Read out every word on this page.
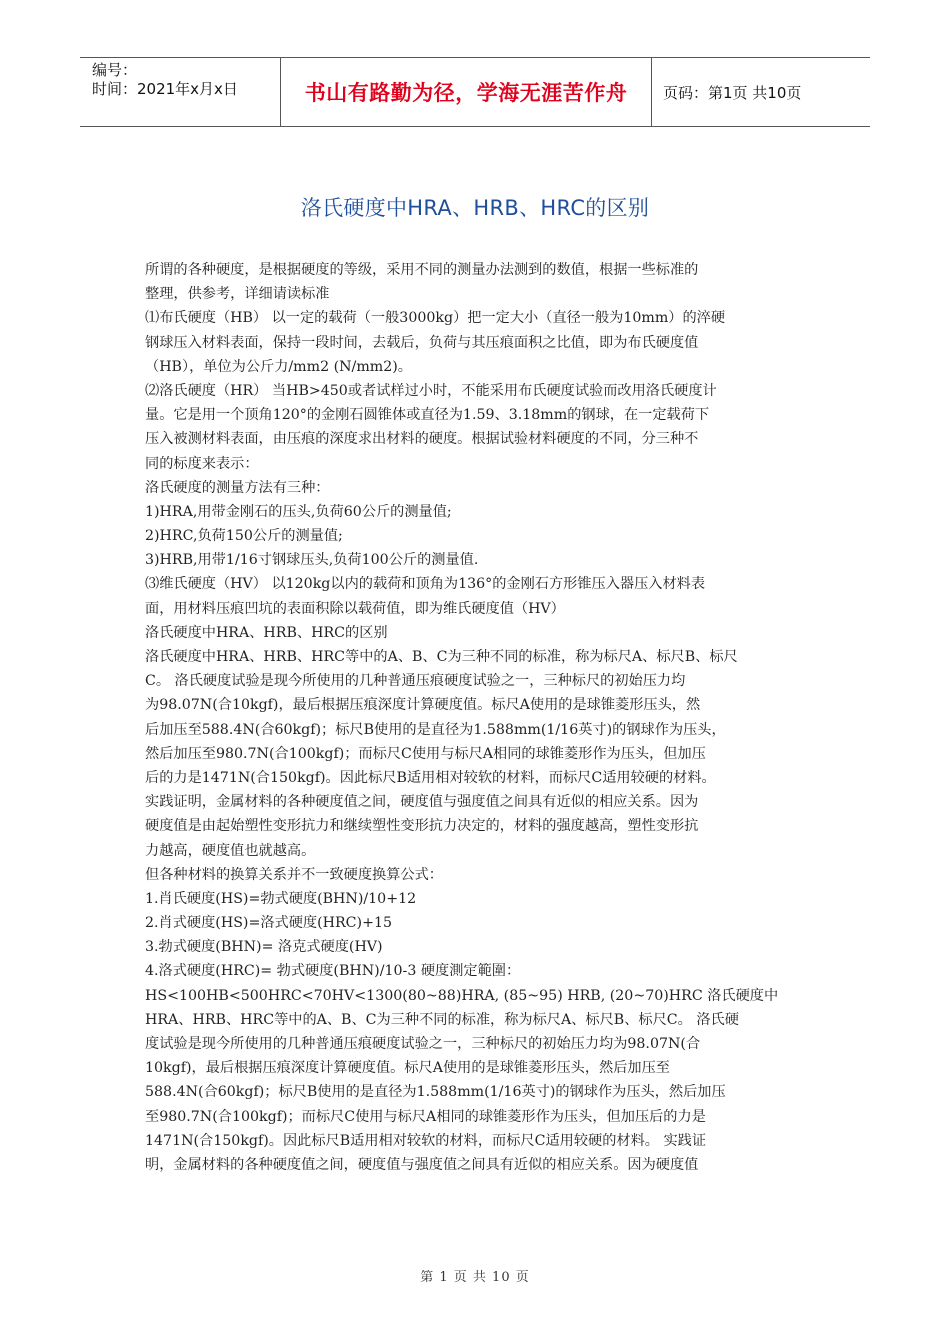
编号：
时间：2021年x月x日	书山有路勤为径，学海无涯苦作舟	页码：第1页 共10页
洛氏硬度中HRA、HRB、HRC的区别
所谓的各种硬度，是根据硬度的等级，采用不同的测量办法测到的数值，根据一些标准的
整理，供参考，详细请读标准
⑴布氏硬度（HB） 以一定的载荷（一般3000kg）把一定大小（直径一般为10mm）的淬硬
钢球压入材料表面，保持一段时间，去载后，负荷与其压痕面积之比值，即为布氏硬度值
（HB），单位为公斤力/mm2 (N/mm2)。
⑵洛氏硬度（HR） 当HB>450或者试样过小时，不能采用布氏硬度试验而改用洛氏硬度计
量。它是用一个顶角120°的金刚石圆锥体或直径为1.59、3.18mm的钢球，在一定载荷下
压入被测材料表面，由压痕的深度求出材料的硬度。根据试验材料硬度的不同，分三种不
同的标度来表示：
洛氏硬度的测量方法有三种：
1)HRA,用带金刚石的压头,负荷60公斤的测量值;
2)HRC,负荷150公斤的测量值;
3)HRB,用带1/16寸钢球压头,负荷100公斤的测量值.
⑶维氏硬度（HV） 以120kg以内的载荷和顶角为136°的金刚石方形锥压入器压入材料表
面，用材料压痕凹坑的表面积除以载荷值，即为维氏硬度值（HV）
洛氏硬度中HRA、HRB、HRC的区别
洛氏硬度中HRA、HRB、HRC等中的A、B、C为三种不同的标准，称为标尺A、标尺B、标尺
C。 洛氏硬度试验是现今所使用的几种普通压痕硬度试验之一，三种标尺的初始压力均
为98.07N(合10kgf)，最后根据压痕深度计算硬度值。标尺A使用的是球锥菱形压头，然
后加压至588.4N(合60kgf)；标尺B使用的是直径为1.588mm(1/16英寸)的钢球作为压头，
然后加压至980.7N(合100kgf)；而标尺C使用与标尺A相同的球锥菱形作为压头，但加压
后的力是1471N(合150kgf)。因此标尺B适用相对较软的材料，而标尺C适用较硬的材料。
实践证明，金属材料的各种硬度值之间，硬度值与强度值之间具有近似的相应关系。因为
硬度值是由起始塑性变形抗力和继续塑性变形抗力决定的，材料的强度越高，塑性变形抗
力越高，硬度值也就越高。
但各种材料的换算关系并不一致硬度换算公式：
1.肖氏硬度(HS)=勃式硬度(BHN)/10+12
2.肖式硬度(HS)=洛式硬度(HRC)+15
3.勃式硬度(BHN)= 洛克式硬度(HV)
4.洛式硬度(HRC)= 勃式硬度(BHN)/10-3 硬度測定範圍：
HS<100HB<500HRC<70HV<1300(80~88)HRA, (85~95) HRB, (20~70)HRC 洛氏硬度中
HRA、HRB、HRC等中的A、B、C为三种不同的标准，称为标尺A、标尺B、标尺C。 洛氏硬
度试验是现今所使用的几种普通压痕硬度试验之一，三种标尺的初始压力均为98.07N(合
10kgf)，最后根据压痕深度计算硬度值。标尺A使用的是球锥菱形压头，然后加压至
588.4N(合60kgf)；标尺B使用的是直径为1.588mm(1/16英寸)的钢球作为压头，然后加压
至980.7N(合100kgf)；而标尺C使用与标尺A相同的球锥菱形作为压头，但加压后的力是
1471N(合150kgf)。因此标尺B适用相对较软的材料，而标尺C适用较硬的材料。 实践证
明，金属材料的各种硬度值之间，硬度值与强度值之间具有近似的相应关系。因为硬度值
第 1 页 共 10 页
